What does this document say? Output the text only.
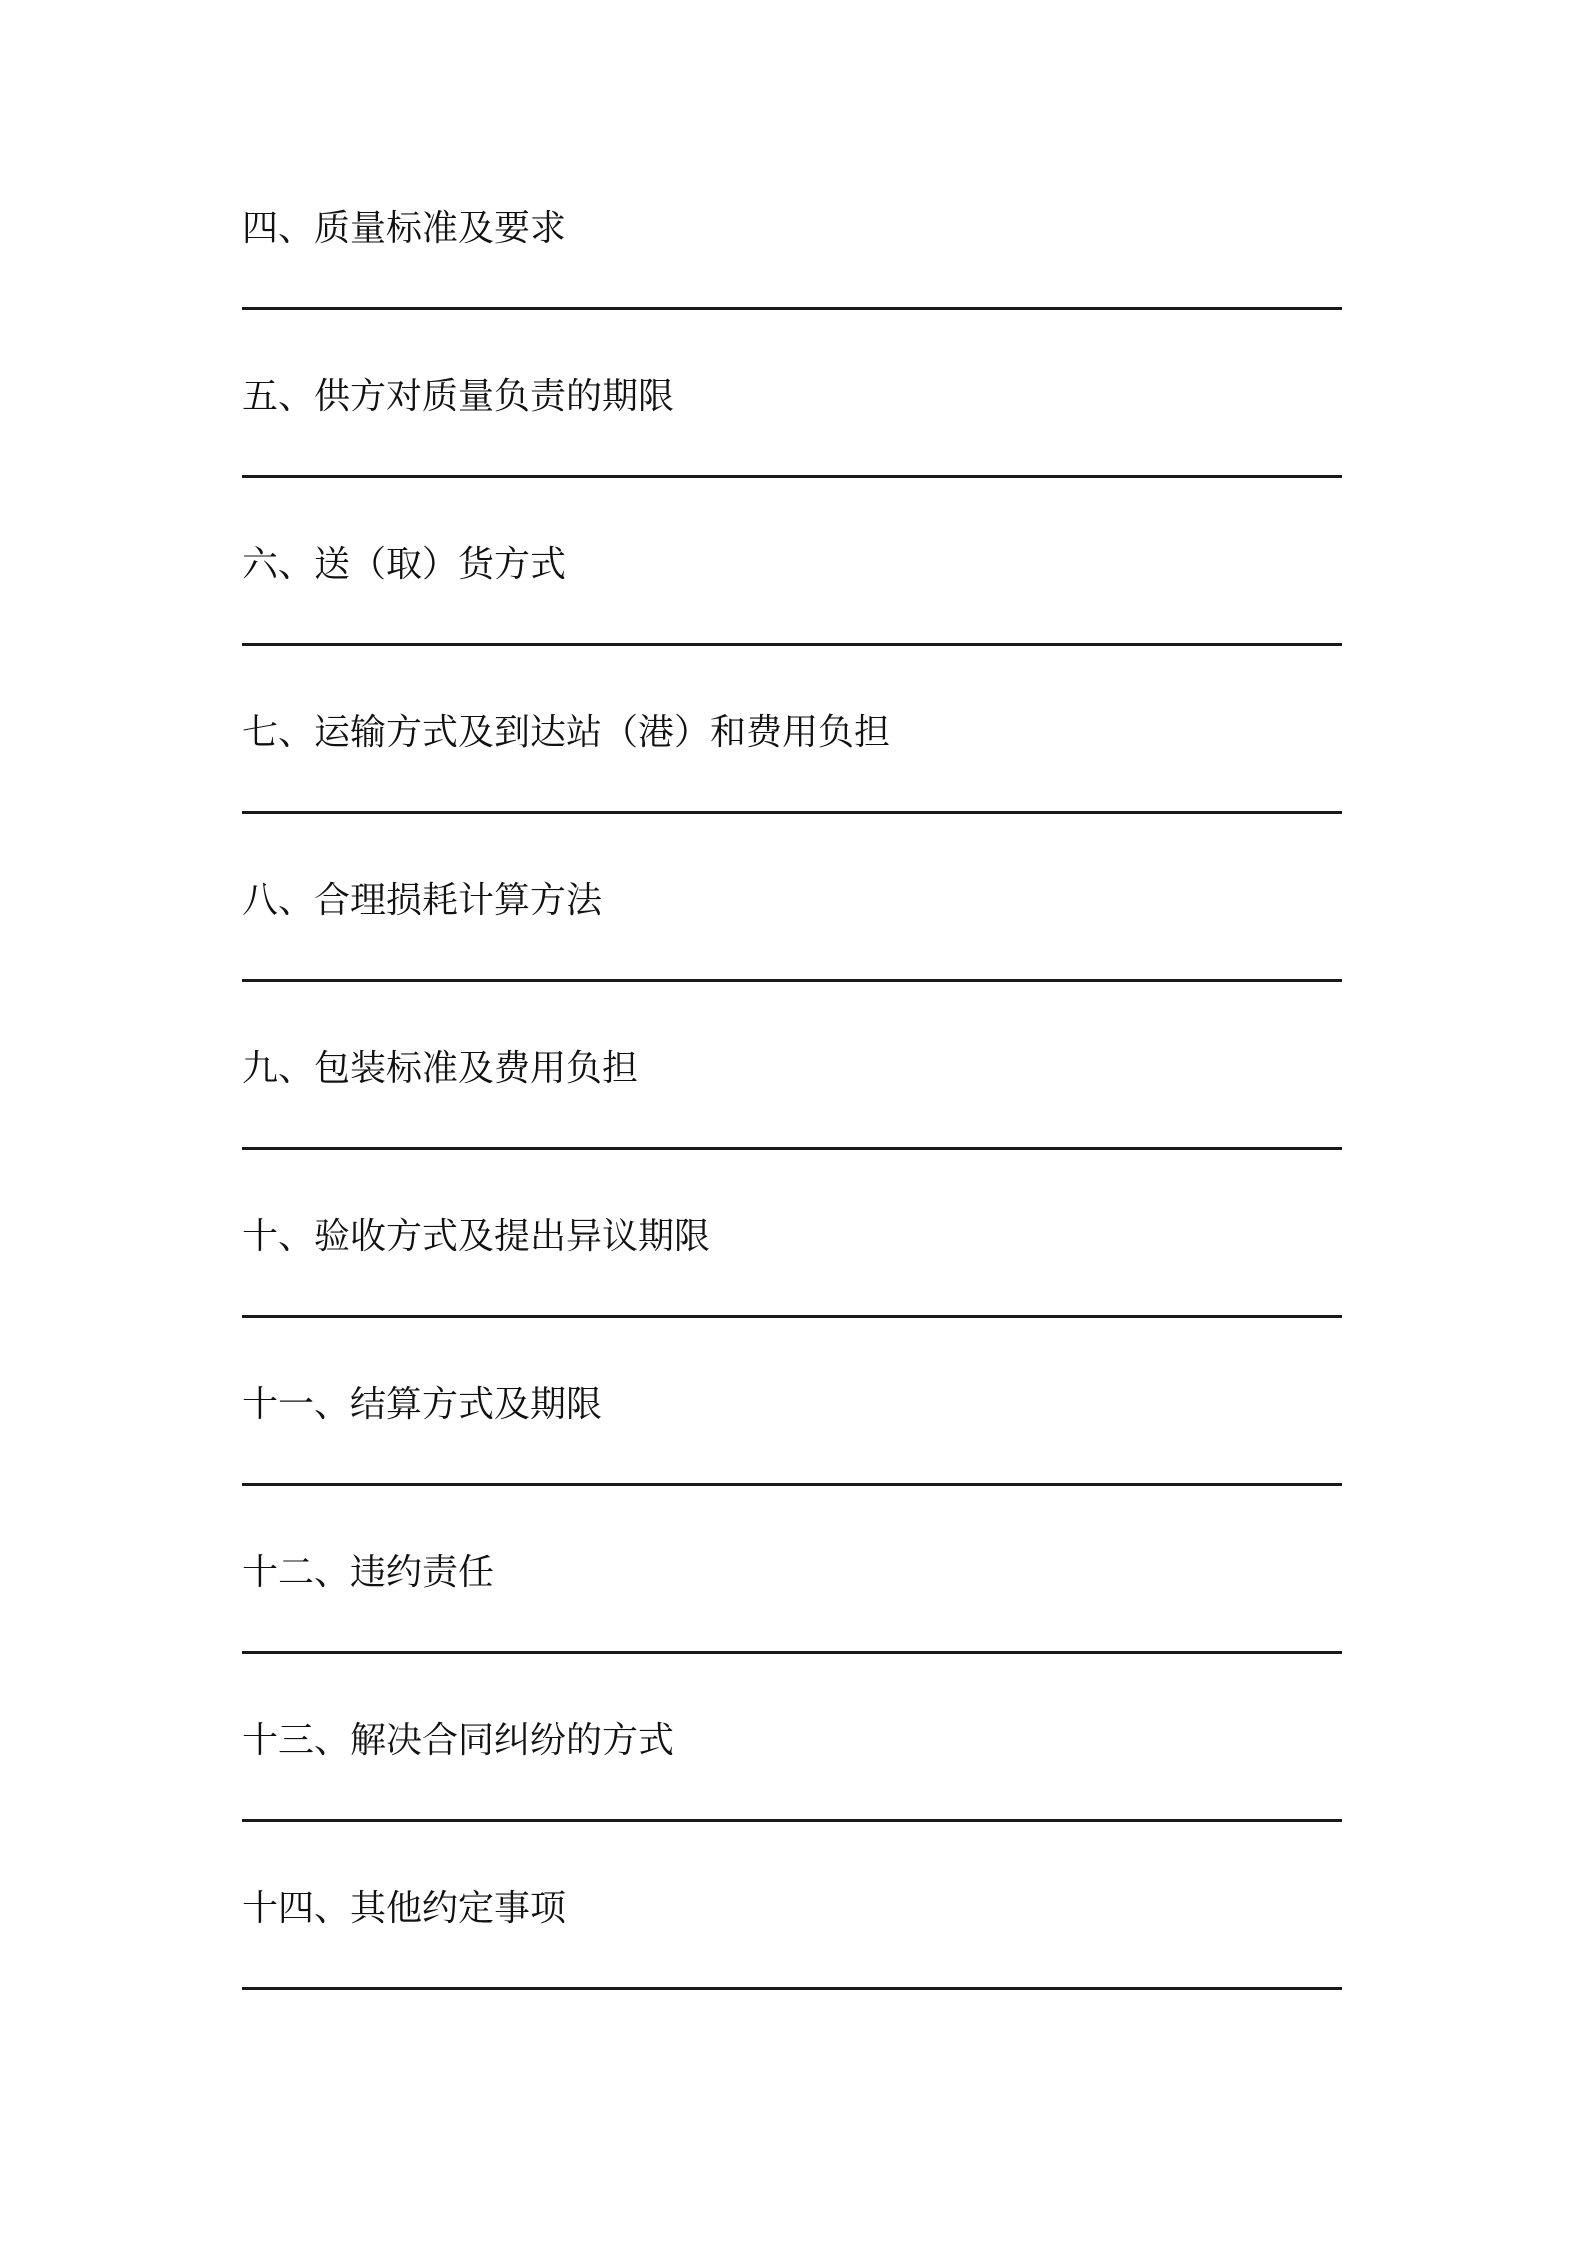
四、质量标准及要求
五、供方对质量负责的期限
六、送（取）货方式
七、运输方式及到达站（港）和费用负担
八、合理损耗计算方法
九、包装标准及费用负担
十、验收方式及提出异议期限
十一、结算方式及期限
十二、违约责任
十三、解决合同纠纷的方式
十四、其他约定事项
